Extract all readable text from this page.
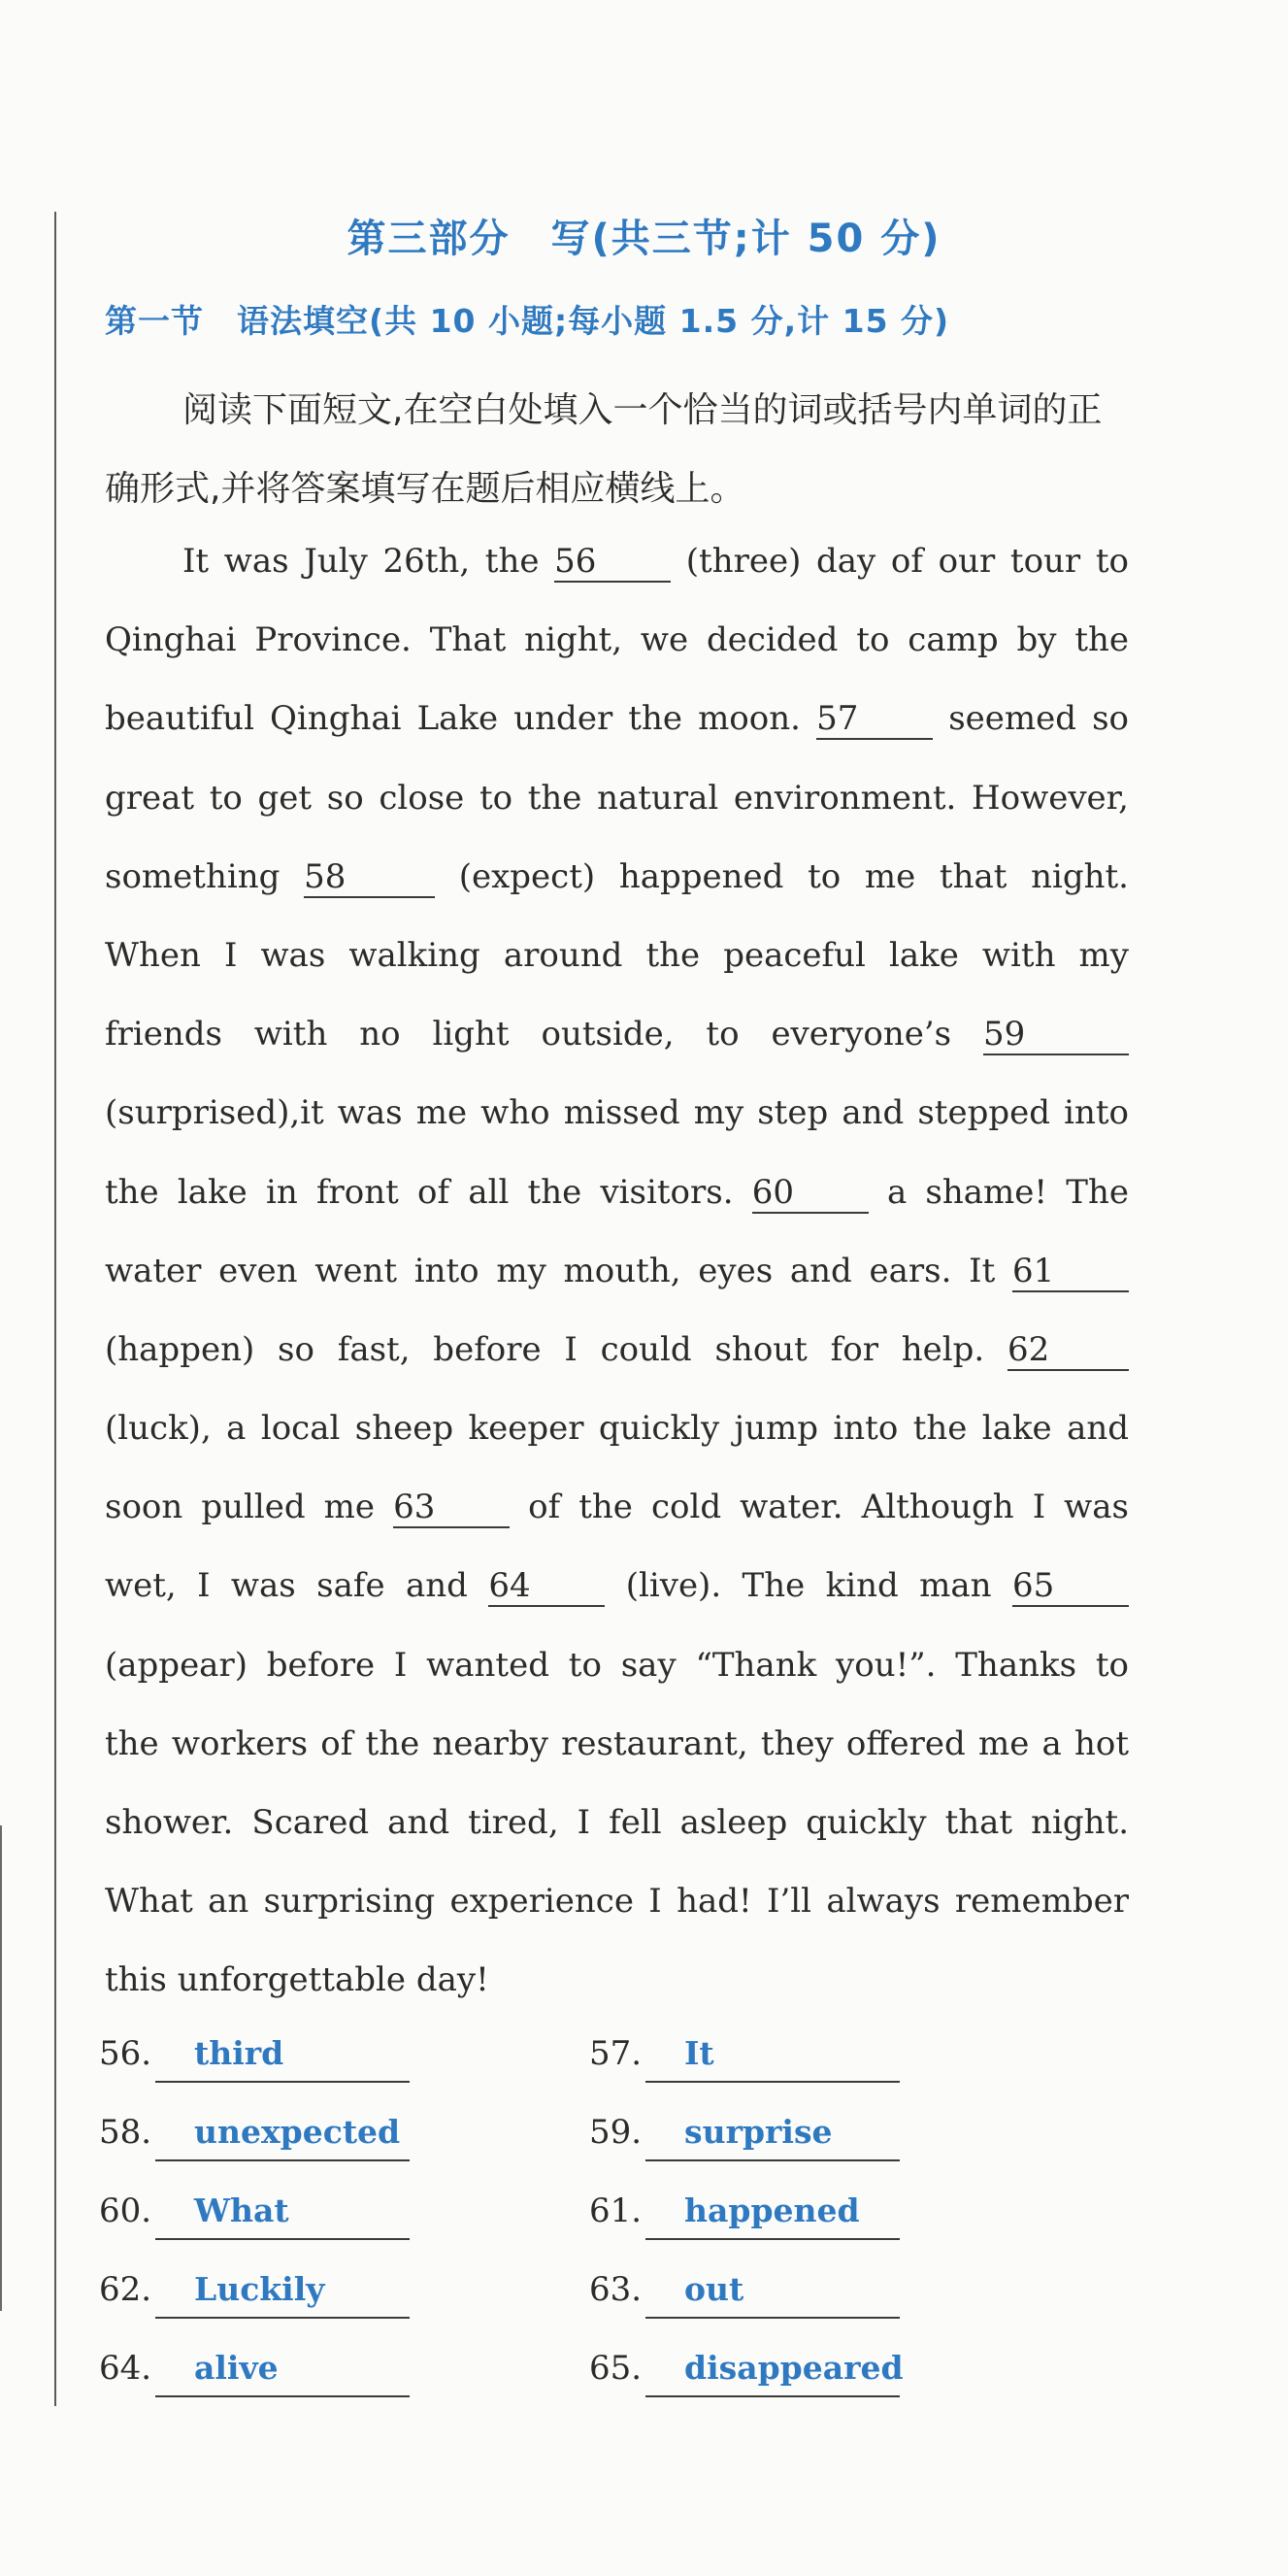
第三部分　写(共三节;计 50 分)
第一节　语法填空(共 10 小题;每小题 1.5 分,计 15 分)
阅读下面短文,在空白处填入一个恰当的词或括号内单词的正确形式,并将答案填写在题后相应横线上。
It was July 26th, the 56	(three) day of our tour to
Qinghai Province. That night, we decided to camp by the
beautiful Qinghai Lake under the moon. 57	seemed so
great to get so close to the natural environment. However,
something 58	(expect) happened to me that night.
When I was walking around the peaceful lake with my
friends with no light outside, to everyone’s 59
(surprised),it was me who missed my step and stepped into
the lake in front of all the visitors. 60	a shame! The
water even went into my mouth, eyes and ears. It 61
(happen) so fast, before I could shout for help. 62
(luck), a local sheep keeper quickly jump into the lake and
soon pulled me 63	of the cold water. Although I was
wet, I was safe and 64	(live). The kind man 65
(appear) before I wanted to say “Thank you!”. Thanks to
the workers of the nearby restaurant, they offered me a hot
shower. Scared and tired, I fell asleep quickly that night.
What an surprising experience I had! I’ll always remember
this unforgettable day!
56. third	57. It
58. unexpected	59. surprise
60. What	61. happened
62. Luckily	63. out
64. alive	65. disappeared
